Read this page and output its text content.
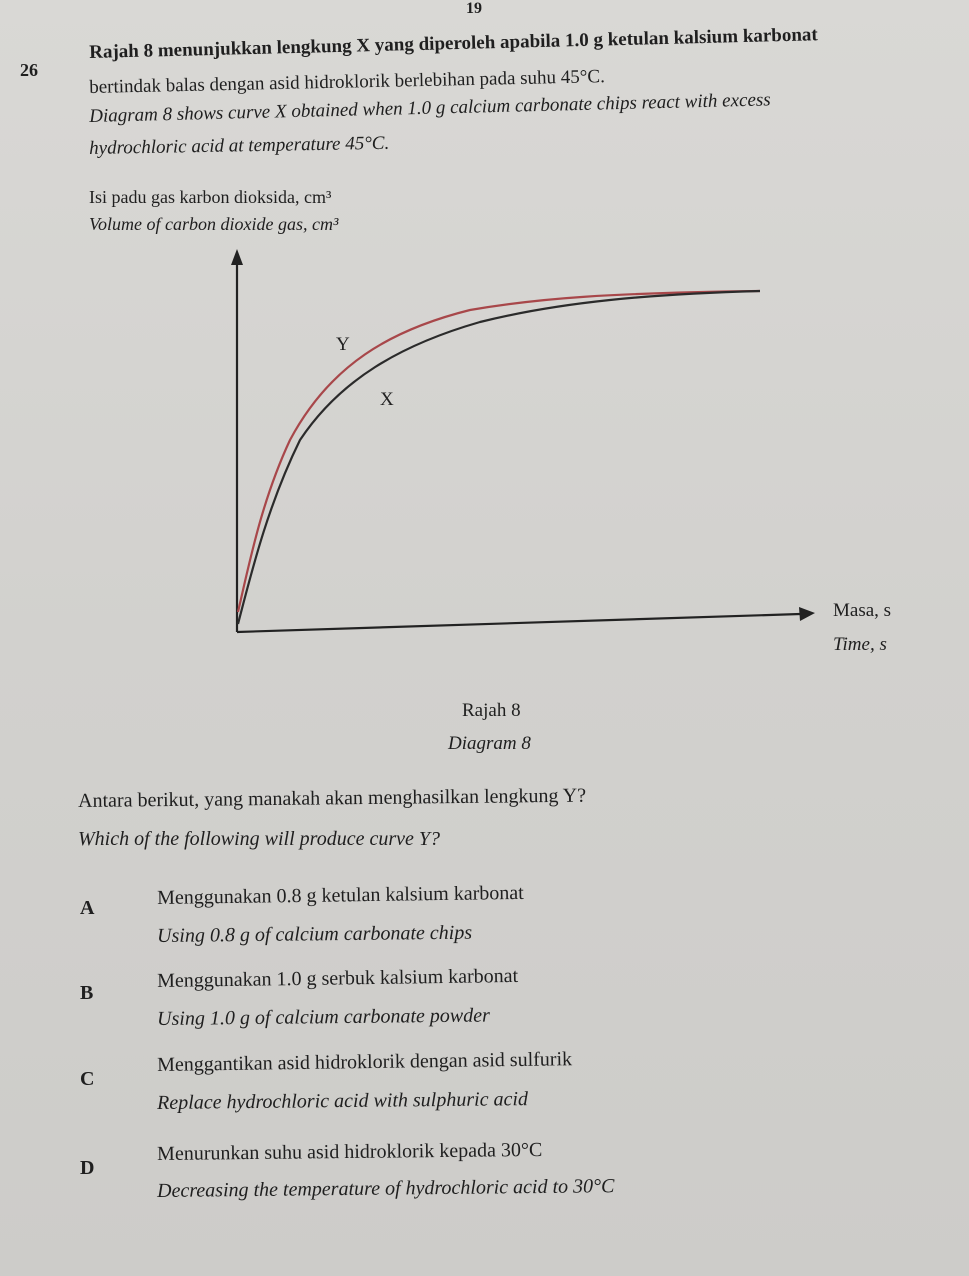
19
26
Rajah 8 menunjukkan lengkung X yang diperoleh apabila 1.0 g ketulan kalsium karbonat
bertindak balas dengan asid hidroklorik berlebihan pada suhu 45°C.
Diagram 8 shows curve X obtained when 1.0 g calcium carbonate chips react with excess
hydrochloric acid at temperature 45°C.
Isi padu gas karbon dioksida, cm³
Volume of carbon dioxide gas, cm³
Y
X
Masa, s
Time, s
Rajah 8
Diagram 8
Antara berikut, yang manakah akan menghasilkan lengkung Y?
Which of the following will produce curve Y?
A	Menggunakan 0.8 g ketulan kalsium karbonat
Using 0.8 g of calcium carbonate chips
B
Menggunakan 1.0 g serbuk kalsium karbonat
Using 1.0 g of calcium carbonate powder
C
Menggantikan asid hidroklorik dengan asid sulfurik
Replace hydrochloric acid with sulphuric acid
D
Menurunkan suhu asid hidroklorik kepada 30°C
Decreasing the temperature of hydrochloric acid to 30°C
